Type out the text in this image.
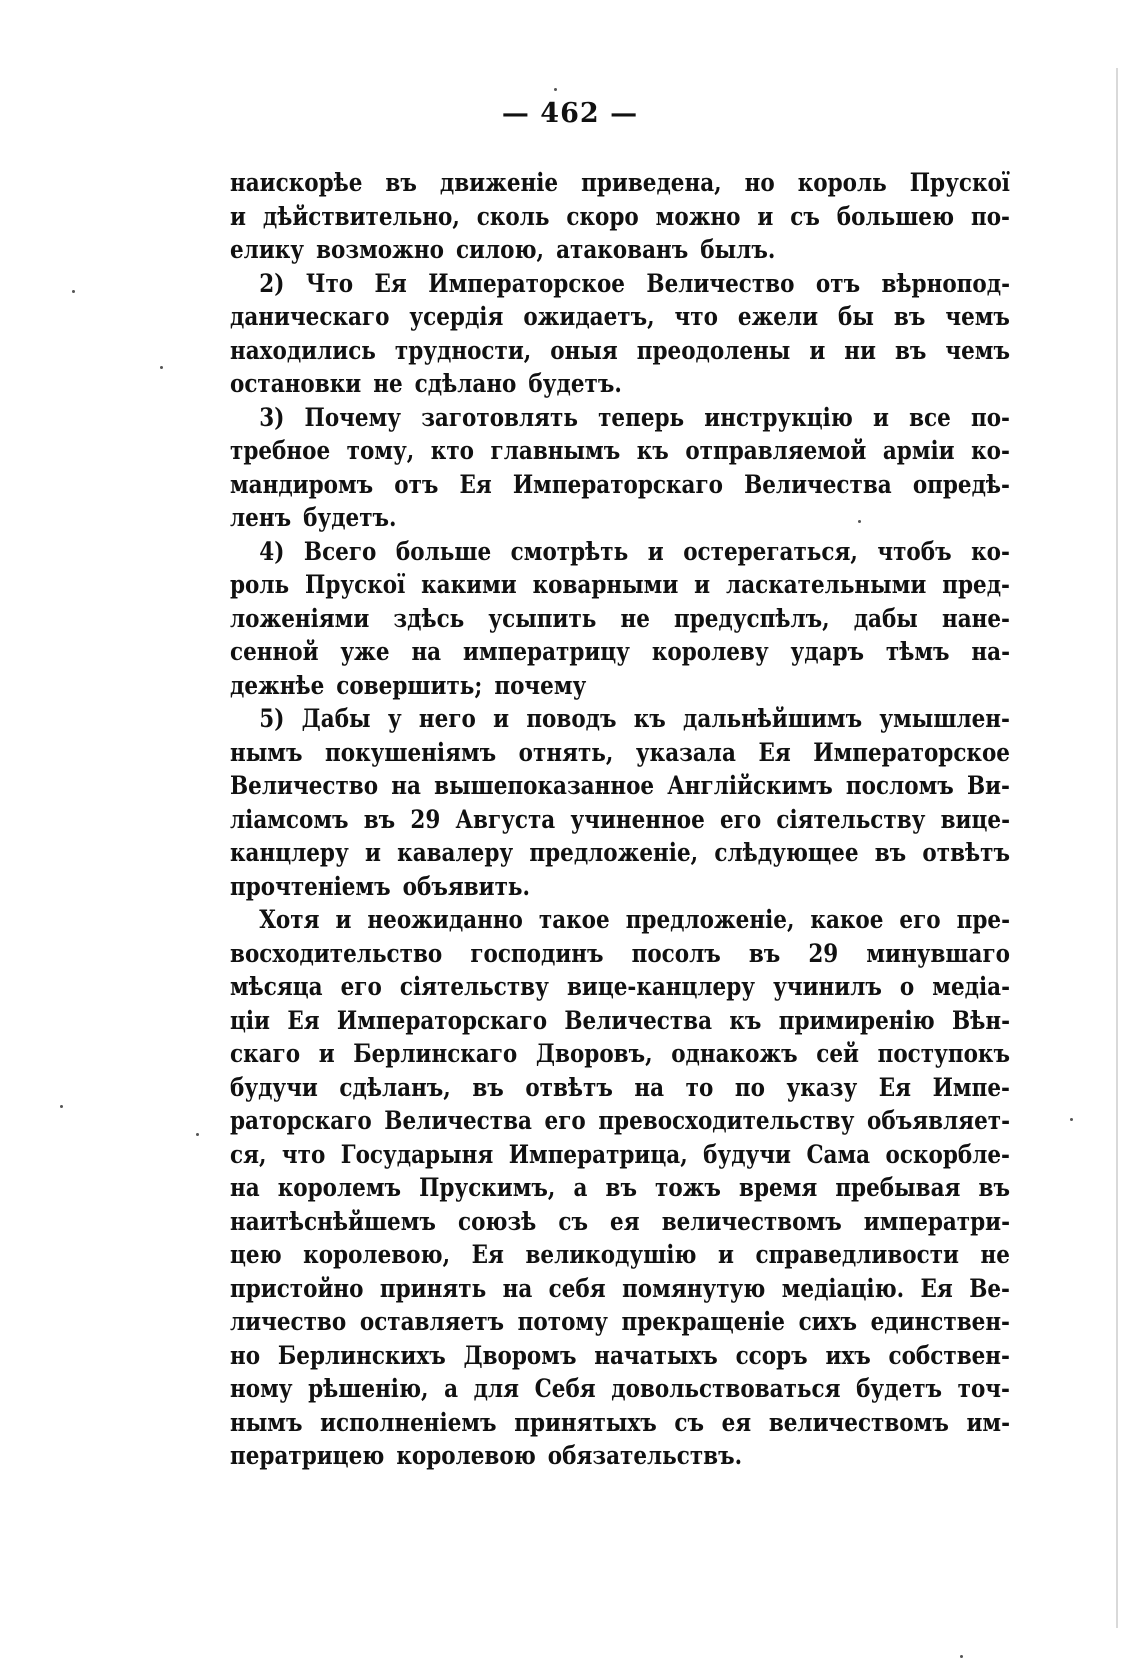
— 462 —
наискорѣе въ движеніе приведена, но король Прускої
и дѣйствительно, сколь скоро можно и съ большею по-
елику возможно силою, атакованъ былъ.
2) Что Ея Императорское Величество отъ вѣрнопод-
даническаго усердія ожидаетъ, что ежели бы въ чемъ
находились трудности, оныя преодолены и ни въ чемъ
остановки не сдѣлано будетъ.
3) Почему заготовлять теперь инструкцію и все по-
требное тому, кто главнымъ къ отправляемой арміи ко-
мандиромъ отъ Ея Императорскаго Величества опредѣ-
ленъ будетъ.
4) Всего больше смотрѣть и остерегаться, чтобъ ко-
роль Прускої какими коварными и ласкательными пред-
ложеніями здѣсь усыпить не предуспѣлъ, дабы нане-
сенной уже на императрицу королеву ударъ тѣмъ на-
дежнѣе совершить; почему
5) Дабы у него и поводъ къ дальнѣйшимъ умышлен-
нымъ покушеніямъ отнять, указала Ея Императорское
Величество на вышепоказанное Англійскимъ посломъ Ви-
ліамсомъ въ 29 Августа учиненное его сіятельству вице-
канцлеру и кавалеру предложеніе, слѣдующее въ отвѣтъ
прочтеніемъ объявить.
Хотя и неожиданно такое предложеніе, какое его пре-
восходительство господинъ посолъ въ 29 минувшаго
мѣсяца его сіятельству вице-канцлеру учинилъ о медіа-
ціи Ея Императорскаго Величества къ примиренію Вѣн-
скаго и Берлинскаго Дворовъ, однакожъ сей поступокъ
будучи сдѣланъ, въ отвѣтъ на то по указу Ея Импе-
раторскаго Величества его превосходительству объявляет-
ся, что Государыня Императрица, будучи Сама оскорбле-
на королемъ Прускимъ, а въ тожъ время пребывая въ
наитѣснѣйшемъ союзѣ съ ея величествомъ императри-
цею королевою, Ея великодушію и справедливости не
пристойно принять на себя помянутую медіацію. Ея Ве-
личество оставляетъ потому прекращеніе сихъ единствен-
но Берлинскихъ Дворомъ начатыхъ ссоръ ихъ собствен-
ному рѣшенію, а для Себя довольствоваться будетъ точ-
нымъ исполненіемъ принятыхъ съ ея величествомъ им-
ператрицею королевою обязательствъ.
